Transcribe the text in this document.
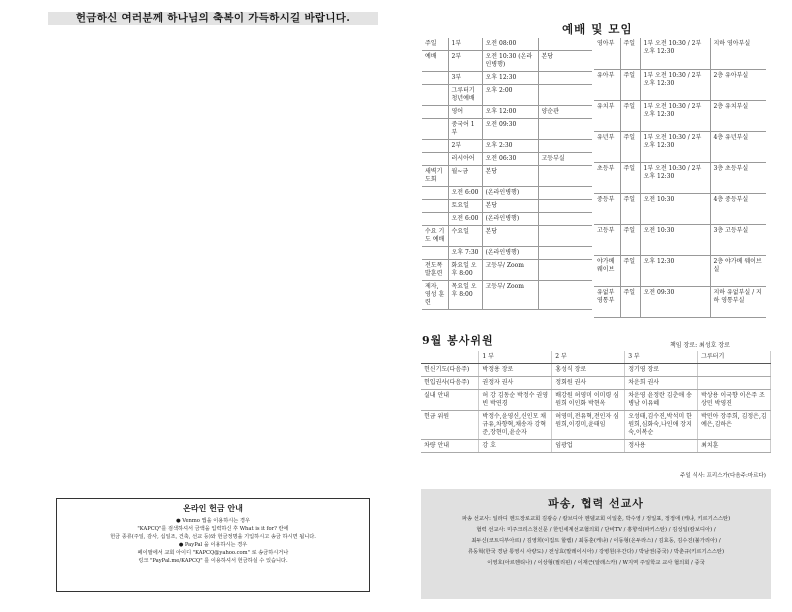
헌금하신 여러분께 하나님의 축복이 가득하시길 바랍니다.
예배 및 모임
주일	1부	오전 08:00	
예배	2부	오전 10:30 (온라인병행)	본당
	3부	오후 12:30	
	그루터기 청년예배	오후 2:00	
	영어	오후 12:00	양순관
	중국어 1부	오전 09:30	
	2부	오후 2:30	
	러시아어	오전 06:30	고등부실
새벽기도회	월~금	본당	
	오전 6:00	(온라인병행)	
	토요일	본당	
	오전 6:00	(온라인병행)	
수요 기도 예배	수요일	본당	
	오후 7:30	(온라인병행)	
전도폭발훈련	화요일 오후 8:00	고등부/ Zoom	
제자, 영성 훈련	목요일 오후 8:00	고등부/ Zoom	
영아부	주일	1부 오전 10:30 / 2부 오후 12:30	지하 영아부실
유아부	주일	1부 오전 10:30 / 2부 오후 12:30	2층 유아부실
유치부	주일	1부 오전 10:30 / 2부 오후 12:30	2층 유치부실
유년부	주일	1부 오전 10:30 / 2부 오후 12:30	4층 유년부실
초등부	주일	1부 오전 10:30 / 2부 오후 12:30	3층 초등부실
중등부	주일	오전 10:30	4층 중등부실
고등부	주일	오전 10:30	3층 고등부실
야가베 웨이브	주일	오후 12:30	2층 야가베 웨이브실
유없부 영통부	주일	오전 09:30	지하 유없부실 / 지하 영통부실
9월 봉사위원	책임 장로: 최성호 장로
	1 부	2 부	3 부	그루터기
헌신기도(다음주)	박정용 장로	홍성식 장로	정기영 장로	
헌입권사(다음주)	권정자 권사	정회원 권사	차운희 권사	
실내 안내	허 강 김동순 박정수 권영빈 박연경	배강원 허영미 이미령 심원희 이인화 박현옥	차운영 윤정란 김춘애 송병남 이유혜	박상용 이국향 이은주 조상민 박영진
헌금 위원	박정수,윤영신,신인모 채규유,차향혁,채송자 강혁준,장현미,윤순자	허영미,전유혁,전인자 심원희,이경미,윤태임	오성태,김수진,박석미 한원희,심화숙,나인애 장지숙,이복순	박민아 장주희, 김정은,김예은,김하은
차량 안내	강 호	임광업	정사용	최치훈
주일 식사: 프리스가(다음주:마르다)
파송, 협력 선교사
파송 선교사: 일라디 헨드장로교회 김광승 / 칼브디아 헨델교회 이일훈, 박수영 / 정일표, 정정애 (케냐, 키르기스스탄)
협력 선교사: 미주크리스천신문 / 한인세계선교협의회 / 단비TV / 홍향석(파키스탄) / 김성일(캄보디아) /
최두신(코트디부아르) / 김영희(이집트 할렘) / 최동훈(케냐) / 이동형(온두라스) / 김효동, 김수진(불가리아) /
류동혁(한국 경남 통영시 사량도) / 전성효(말레이시아) / 강병원(우간다) / 박남권(중국) / 박춘규(키르기스스탄)
이영호(아르헨티나) / 이상형(필리핀) / 이재근(알래스카) / W지역 주일학교 교사 협의회 / 중국
온라인 헌금 안내
● Venmo 앱을 이용하시는 경우
"KAPCQ"를 검색하셔서 금액을 입력하신 후 What is it for? 란에
헌금 종류(주일, 감사, 십일조, 건축, 선교 등)와 헌금정명을 기입하시고 송금 하시면 됩니다.
● PayPal 을 이용하시는 경우
페이팔에서 교회 아이디 "KAPCQ@yahoo.com" 로 송금하시거나
링크 "PayPal.me/KAPCQ" 를 이용하셔서 헌금하실 수 있습니다.
